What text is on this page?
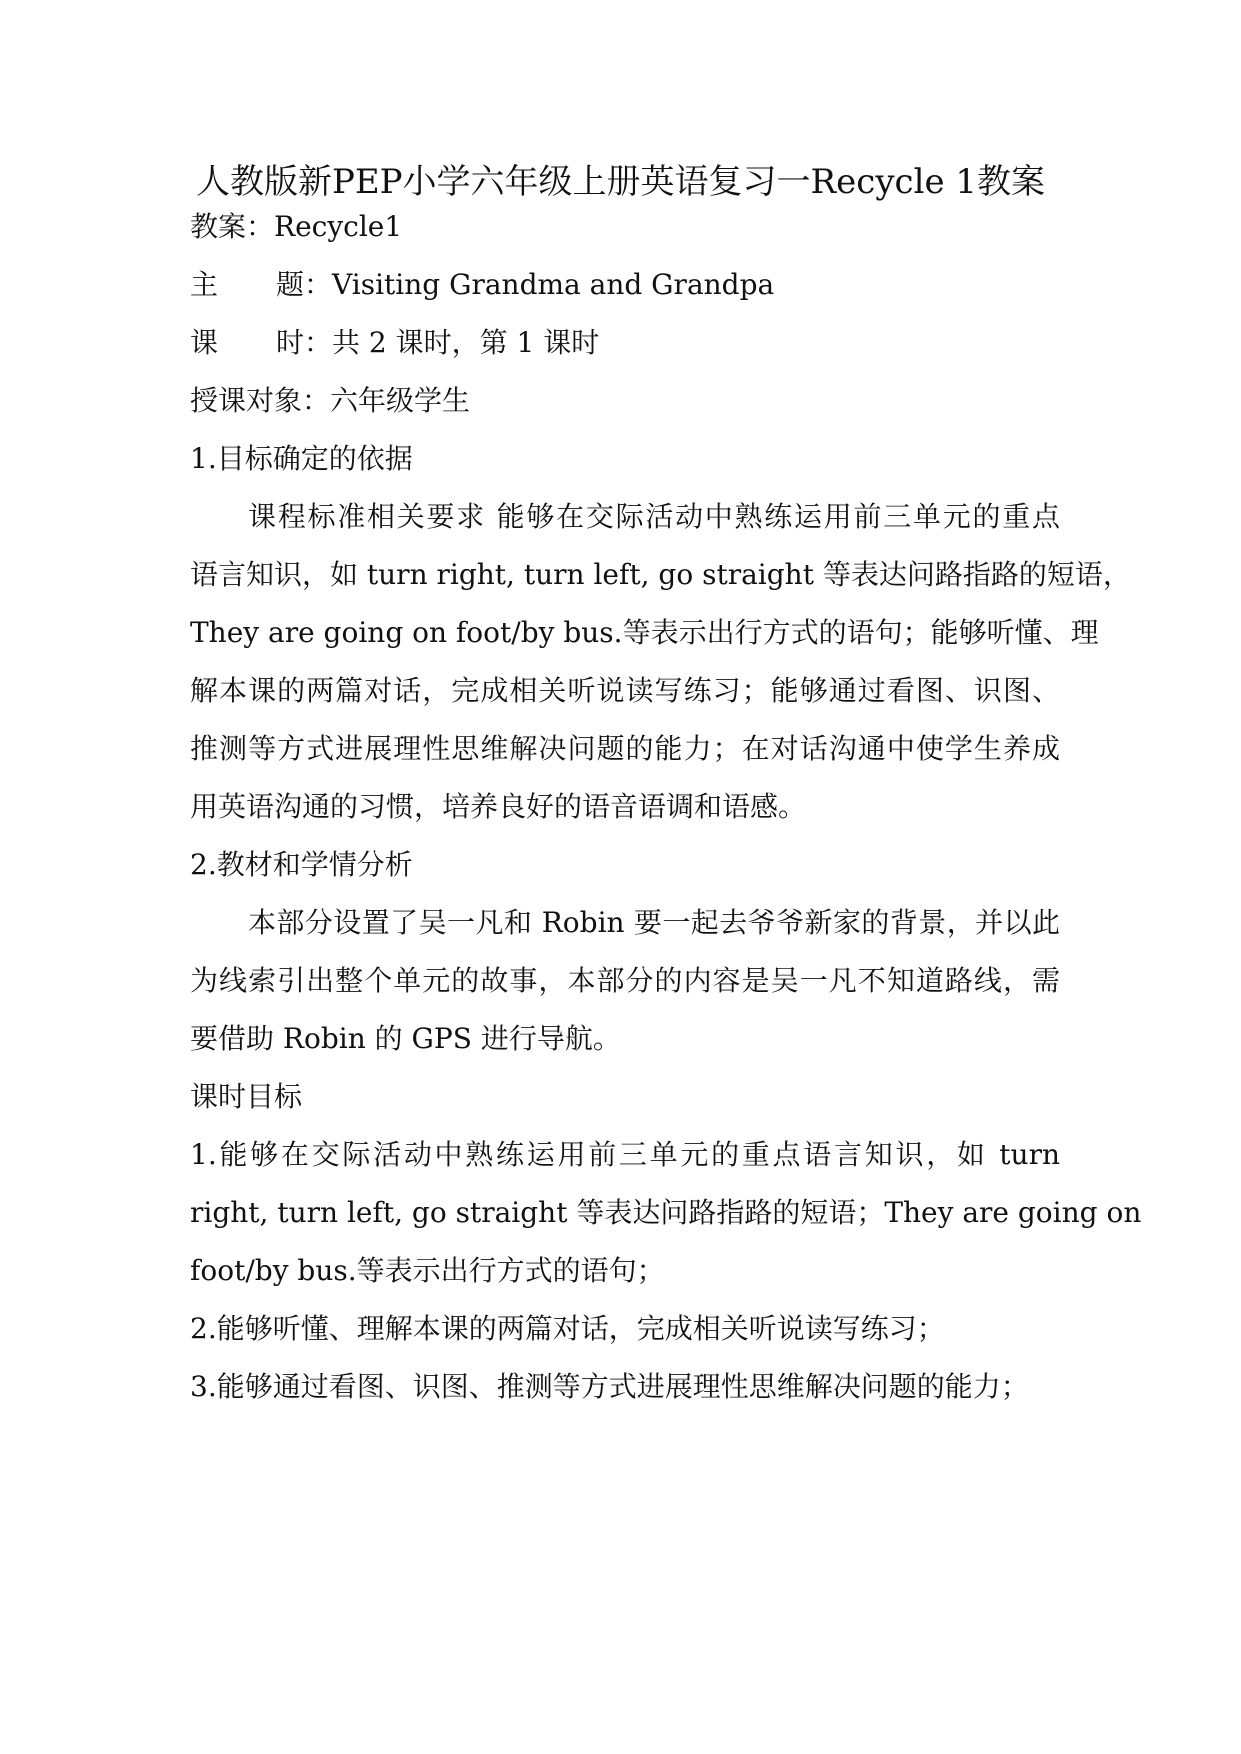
人教版新PEP小学六年级上册英语复习一Recycle 1教案
教案：Recycle1
主 题：Visiting Grandma and Grandpa
课 时：共 2 课时，第 1 课时
授课对象：六年级学生
1.目标确定的依据
课程标准相关要求 能够在交际活动中熟练运用前三单元的重点
语言知识，如 turn right, turn left, go straight 等表达问路指路的短语，
They are going on foot/by bus.等表示出行方式的语句；能够听懂、理
解本课的两篇对话，完成相关听说读写练习；能够通过看图、识图、
推测等方式进展理性思维解决问题的能力；在对话沟通中使学生养成
用英语沟通的习惯，培养良好的语音语调和语感。
2.教材和学情分析
本部分设置了吴一凡和 Robin 要一起去爷爷新家的背景，并以此
为线索引出整个单元的故事，本部分的内容是吴一凡不知道路线，需
要借助 Robin 的 GPS 进行导航。
课时目标
1.能够在交际活动中熟练运用前三单元的重点语言知识，如 turn
right, turn left, go straight 等表达问路指路的短语；They are going on
foot/by bus.等表示出行方式的语句；
2.能够听懂、理解本课的两篇对话，完成相关听说读写练习；
3.能够通过看图、识图、推测等方式进展理性思维解决问题的能力；
